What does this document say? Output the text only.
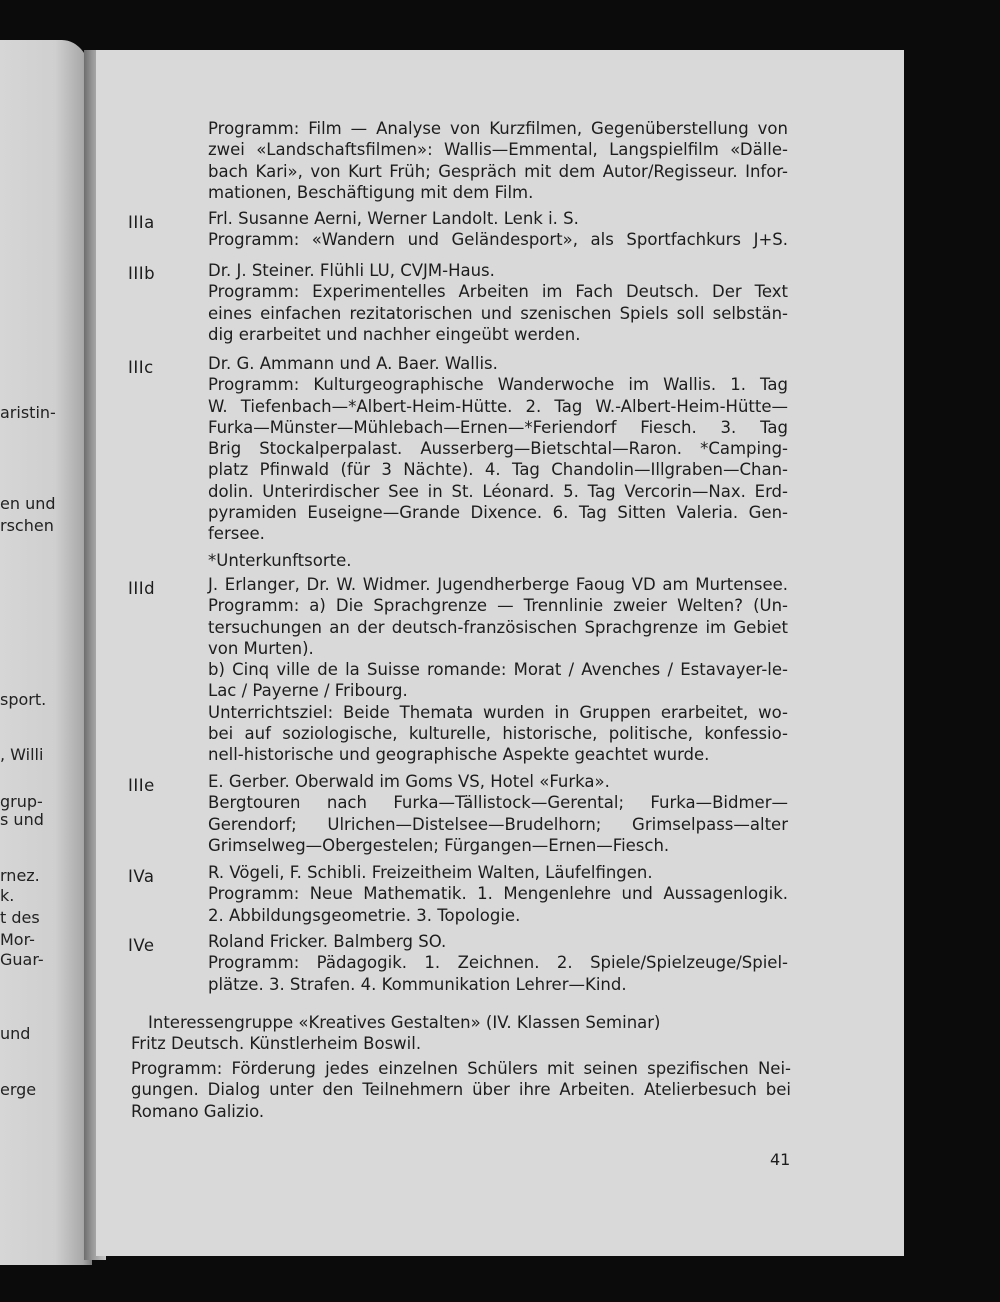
aristin-
en und
rschen
sport.
, Willi
grup-
s und
rnez.
k.
t des
Mor-
Guar-
und
erge
Programm: Film — Analyse von Kurzfilmen, Gegenüberstellung von
zwei «Landschaftsfilmen»: Wallis—Emmental, Langspielfilm «Dälle-
bach Kari», von Kurt Früh; Gespräch mit dem Autor/Regisseur. Infor-
mationen, Beschäftigung mit dem Film.
IIIa	Frl. Susanne Aerni, Werner Landolt. Lenk i. S.
Programm: «Wandern und Geländesport», als Sportfachkurs J+S.
IIIb	Dr. J. Steiner. Flühli LU, CVJM-Haus.
Programm: Experimentelles Arbeiten im Fach Deutsch. Der Text
eines einfachen rezitatorischen und szenischen Spiels soll selbstän-
dig erarbeitet und nachher eingeübt werden.
IIIc	Dr. G. Ammann und A. Baer. Wallis.
Programm: Kulturgeographische Wanderwoche im Wallis. 1. Tag
W. Tiefenbach—*Albert-Heim-Hütte. 2. Tag W.-Albert-Heim-Hütte—
Furka—Münster—Mühlebach—Ernen—*Feriendorf Fiesch. 3. Tag
Brig Stockalperpalast. Ausserberg—Bietschtal—Raron. *Camping-
platz Pfinwald (für 3 Nächte). 4. Tag Chandolin—Illgraben—Chan-
dolin. Unterirdischer See in St. Léonard. 5. Tag Vercorin—Nax. Erd-
pyramiden Euseigne—Grande Dixence. 6. Tag Sitten Valeria. Gen-
fersee.
*Unterkunftsorte.
IIId	J. Erlanger, Dr. W. Widmer. Jugendherberge Faoug VD am Murtensee.
Programm: a) Die Sprachgrenze — Trennlinie zweier Welten? (Un-
tersuchungen an der deutsch-französischen Sprachgrenze im Gebiet
von Murten).
b) Cinq ville de la Suisse romande: Morat / Avenches / Estavayer-le-
Lac / Payerne / Fribourg.
Unterrichtsziel: Beide Themata wurden in Gruppen erarbeitet, wo-
bei auf soziologische, kulturelle, historische, politische, konfessio-
nell-historische und geographische Aspekte geachtet wurde.
IIIe	E. Gerber. Oberwald im Goms VS, Hotel «Furka».
Bergtouren nach Furka—Tällistock—Gerental; Furka—Bidmer—
Gerendorf; Ulrichen—Distelsee—Brudelhorn; Grimselpass—alter
Grimselweg—Obergestelen; Fürgangen—Ernen—Fiesch.
IVa	R. Vögeli, F. Schibli. Freizeitheim Walten, Läufelfingen.
Programm: Neue Mathematik. 1. Mengenlehre und Aussagenlogik.
2. Abbildungsgeometrie. 3. Topologie.
IVe	Roland Fricker. Balmberg SO.
Programm: Pädagogik. 1. Zeichnen. 2. Spiele/Spielzeuge/Spiel-
plätze. 3. Strafen. 4. Kommunikation Lehrer—Kind.
Interessengruppe «Kreatives Gestalten» (IV. Klassen Seminar)
Fritz Deutsch. Künstlerheim Boswil.
Programm: Förderung jedes einzelnen Schülers mit seinen spezifischen Nei-
gungen. Dialog unter den Teilnehmern über ihre Arbeiten. Atelierbesuch bei
Romano Galizio.
41
